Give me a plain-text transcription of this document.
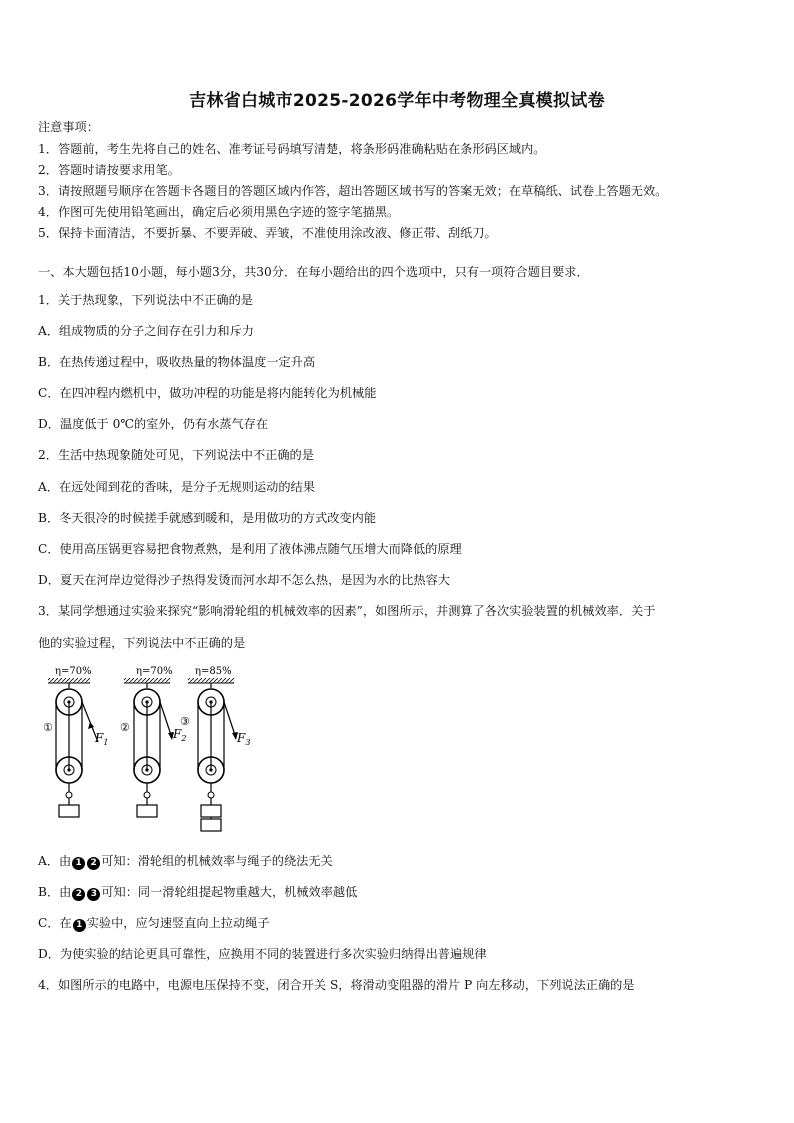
吉林省白城市2025-2026学年中考物理全真模拟试卷
注意事项：
1．答题前，考生先将自己的姓名、准考证号码填写清楚，将条形码准确粘贴在条形码区域内。
2．答题时请按要求用笔。
3．请按照题号顺序在答题卡各题目的答题区域内作答，超出答题区域书写的答案无效；在草稿纸、试卷上答题无效。
4．作图可先使用铅笔画出，确定后必须用黑色字迹的签字笔描黑。
5．保持卡面清洁，不要折暴、不要弄破、弄皱，不准使用涂改液、修正带、刮纸刀。
一、本大题包括10小题，每小题3分，共30分．在每小题给出的四个选项中，只有一项符合题目要求．
1．关于热现象，下列说法中不正确的是
A．组成物质的分子之间存在引力和斥力
B．在热传递过程中，吸收热量的物体温度一定升高
C．在四冲程内燃机中，做功冲程的功能是将内能转化为机械能
D．温度低于 0℃的室外，仍有水蒸气存在
2．生活中热现象随处可见，下列说法中不正确的是
A．在远处闻到花的香味，是分子无规则运动的结果
B．冬天很冷的时候搓手就感到暖和，是用做功的方式改变内能
C．使用高压锅更容易把食物煮熟，是利用了液体沸点随气压增大而降低的原理
D．夏天在河岸边觉得沙子热得发烫而河水却不怎么热，是因为水的比热容大
3．某同学想通过实验来探究“影响滑轮组的机械效率的因素”，如图所示，并测算了各次实验装置的机械效率．关于
他的实验过程，下列说法中不正确的是
η=70%
$F_1$
①
η=70%
$F_2$
②
η=85%
$F_3$
③
A．由 1 2 可知：滑轮组的机械效率与绳子的绕法无关
B．由 2 3 可知：同一滑轮组提起物重越大，机械效率越低
C．在 1 实验中，应匀速竖直向上拉动绳子
D．为使实验的结论更具可靠性，应换用不同的装置进行多次实验归纳得出普遍规律
4．如图所示的电路中，电源电压保持不变，闭合开关 S，将滑动变阻器的滑片 P 向左移动，下列说法正确的是
